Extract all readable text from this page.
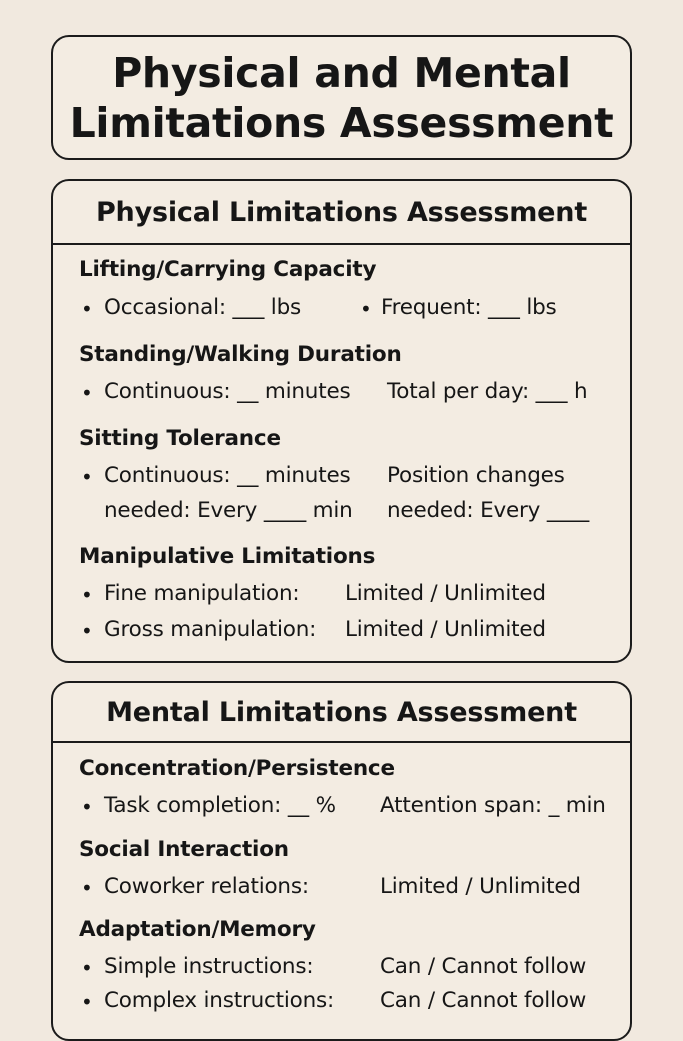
Physical and Mental
Limitations Assessment
Physical Limitations Assessment
Lifting/Carrying Capacity
• Occasional: ___ lbs	• Frequent: ___ lbs
Standing/Walking Duration
• Continuous: __ minutes Total per day: ___ h
Sitting Tolerance
• Continuous: __ minutes Position changes
needed: Every ____ min needed: Every ____
Manipulative Limitations
• Fine manipulation: Limited / Unlimited
• Gross manipulation: Limited / Unlimited
Mental Limitations Assessment
Concentration/Persistence
• Task completion: __ % Attention span: _ min
Social Interaction
• Coworker relations:	Limited / Unlimited
Adaptation/Memory
• Simple instructions:	Can / Cannot follow
• Complex instructions: Can / Cannot follow
